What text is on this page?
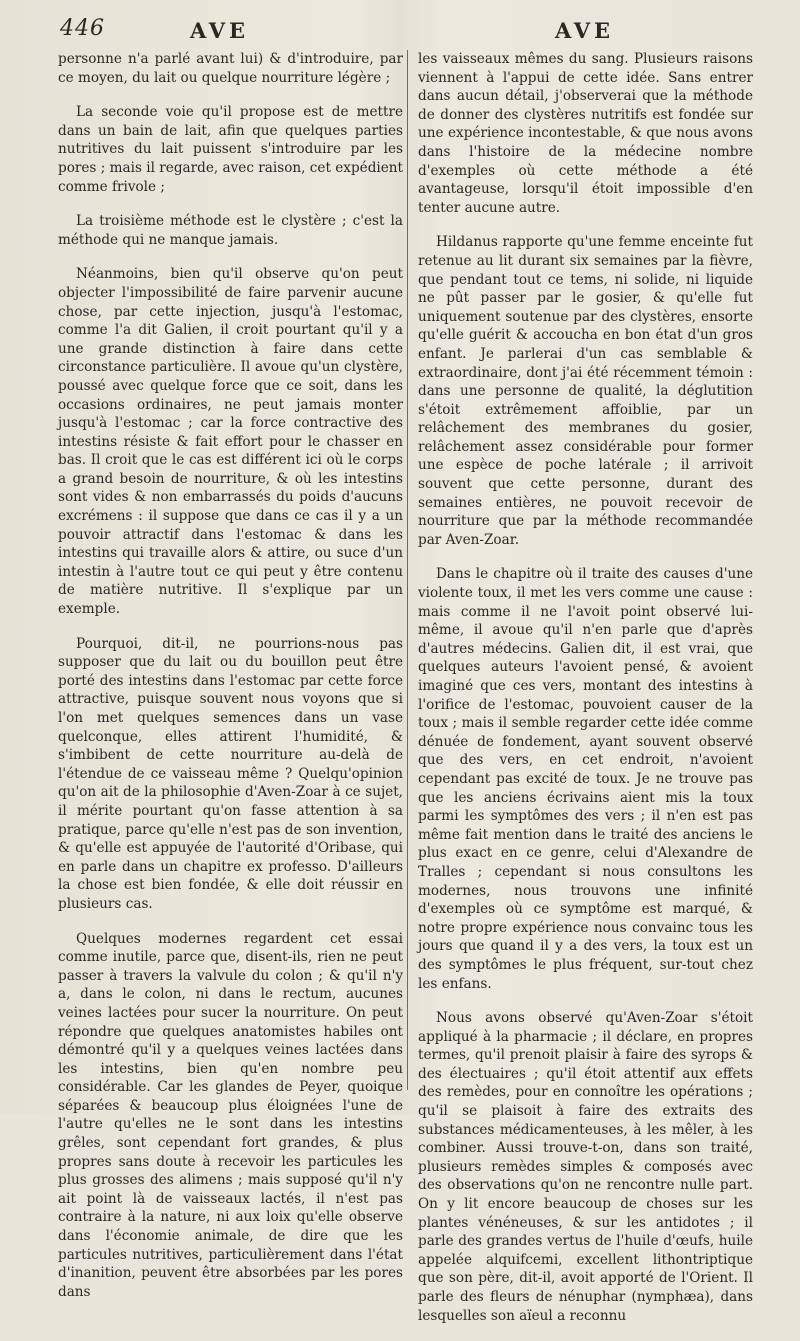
446	AVE	AVE

personne n'a parlé avant lui) & d'introduire, par ce moyen, du lait ou quelque nourriture légère ;

La seconde voie qu'il propose est de mettre dans un bain de lait, afin que quelques parties nutritives du lait puissent s'introduire par les pores ; mais il regarde, avec raison, cet expédient comme frivole ;

La troisième méthode est le clystère ; c'est la méthode qui ne manque jamais.

Néanmoins, bien qu'il observe qu'on peut objecter l'impossibilité de faire parvenir aucune chose, par cette injection, jusqu'à l'estomac, comme l'a dit Galien, il croit pourtant qu'il y a une grande distinction à faire dans cette circonstance particulière. Il avoue qu'un clystère, poussé avec quelque force que ce soit, dans les occasions ordinaires, ne peut jamais monter jusqu'à l'estomac ; car la force contractive des intestins résiste & fait effort pour le chasser en bas. Il croit que le cas est différent ici où le corps a grand besoin de nourriture, & où les intestins sont vides & non embarrassés du poids d'aucuns excrémens : il suppose que dans ce cas il y a un pouvoir attractif dans l'estomac & dans les intestins qui travaille alors & attire, ou suce d'un intestin à l'autre tout ce qui peut y être contenu de matière nutritive. Il s'explique par un exemple.

Pourquoi, dit-il, ne pourrions-nous pas supposer que du lait ou du bouillon peut être porté des intestins dans l'estomac par cette force attractive, puisque souvent nous voyons que si l'on met quelques semences dans un vase quelconque, elles attirent l'humidité, & s'imbibent de cette nourriture au-delà de l'étendue de ce vaisseau même ? Quelqu'opinion qu'on ait de la philosophie d'Aven-Zoar à ce sujet, il mérite pourtant qu'on fasse attention à sa pratique, parce qu'elle n'est pas de son invention, & qu'elle est appuyée de l'autorité d'Oribase, qui en parle dans un chapitre ex professo. D'ailleurs la chose est bien fondée, & elle doit réussir en plusieurs cas.

Quelques modernes regardent cet essai comme inutile, parce que, disent-ils, rien ne peut passer à travers la valvule du colon ; & qu'il n'y a, dans le colon, ni dans le rectum, aucunes veines lactées pour sucer la nourriture. On peut répondre que quelques anatomistes habiles ont démontré qu'il y a quelques veines lactées dans les intestins, bien qu'en nombre peu considérable. Car les glandes de Peyer, quoique séparées & beaucoup plus éloignées l'une de l'autre qu'elles ne le sont dans les intestins grêles, sont cependant fort grandes, & plus propres sans doute à recevoir les particules les plus grosses des alimens ; mais supposé qu'il n'y ait point là de vaisseaux lactés, il n'est pas contraire à la nature, ni aux loix qu'elle observe dans l'économie animale, de dire que les particules nutritives, particulièrement dans l'état d'inanition, peuvent être absorbées par les pores dans

les vaisseaux mêmes du sang. Plusieurs raisons viennent à l'appui de cette idée. Sans entrer dans aucun détail, j'observerai que la méthode de donner des clystères nutritifs est fondée sur une expérience incontestable, & que nous avons dans l'histoire de la médecine nombre d'exemples où cette méthode a été avantageuse, lorsqu'il étoit impossible d'en tenter aucune autre.

Hildanus rapporte qu'une femme enceinte fut retenue au lit durant six semaines par la fièvre, que pendant tout ce tems, ni solide, ni liquide ne pût passer par le gosier, & qu'elle fut uniquement soutenue par des clystères, ensorte qu'elle guérit & accoucha en bon état d'un gros enfant. Je parlerai d'un cas semblable & extraordinaire, dont j'ai été récemment témoin : dans une personne de qualité, la déglutition s'étoit extrêmement affoiblie, par un relâchement des membranes du gosier, relâchement assez considérable pour former une espèce de poche latérale ; il arrivoit souvent que cette personne, durant des semaines entières, ne pouvoit recevoir de nourriture que par la méthode recommandée par Aven-Zoar.

Dans le chapitre où il traite des causes d'une violente toux, il met les vers comme une cause : mais comme il ne l'avoit point observé lui-même, il avoue qu'il n'en parle que d'après d'autres médecins. Galien dit, il est vrai, que quelques auteurs l'avoient pensé, & avoient imaginé que ces vers, montant des intestins à l'orifice de l'estomac, pouvoient causer de la toux ; mais il semble regarder cette idée comme dénuée de fondement, ayant souvent observé que des vers, en cet endroit, n'avoient cependant pas excité de toux. Je ne trouve pas que les anciens écrivains aient mis la toux parmi les symptômes des vers ; il n'en est pas même fait mention dans le traité des anciens le plus exact en ce genre, celui d'Alexandre de Tralles ; cependant si nous consultons les modernes, nous trouvons une infinité d'exemples où ce symptôme est marqué, & notre propre expérience nous convainc tous les jours que quand il y a des vers, la toux est un des symptômes le plus fréquent, sur-tout chez les enfans.

Nous avons observé qu'Aven-Zoar s'étoit appliqué à la pharmacie ; il déclare, en propres termes, qu'il prenoit plaisir à faire des syrops & des électuaires ; qu'il étoit attentif aux effets des remèdes, pour en connoître les opérations ; qu'il se plaisoit à faire des extraits des substances médicamenteuses, à les mêler, à les combiner. Aussi trouve-t-on, dans son traité, plusieurs remèdes simples & composés avec des observations qu'on ne rencontre nulle part. On y lit encore beaucoup de choses sur les plantes vénéneuses, & sur les antidotes ; il parle des grandes vertus de l'huile d'œufs, huile appelée alquifcemi, excellent lithontriptique que son père, dit-il, avoit apporté de l'Orient. Il parle des fleurs de nénuphar (nymphæa), dans lesquelles son aïeul a reconnu
